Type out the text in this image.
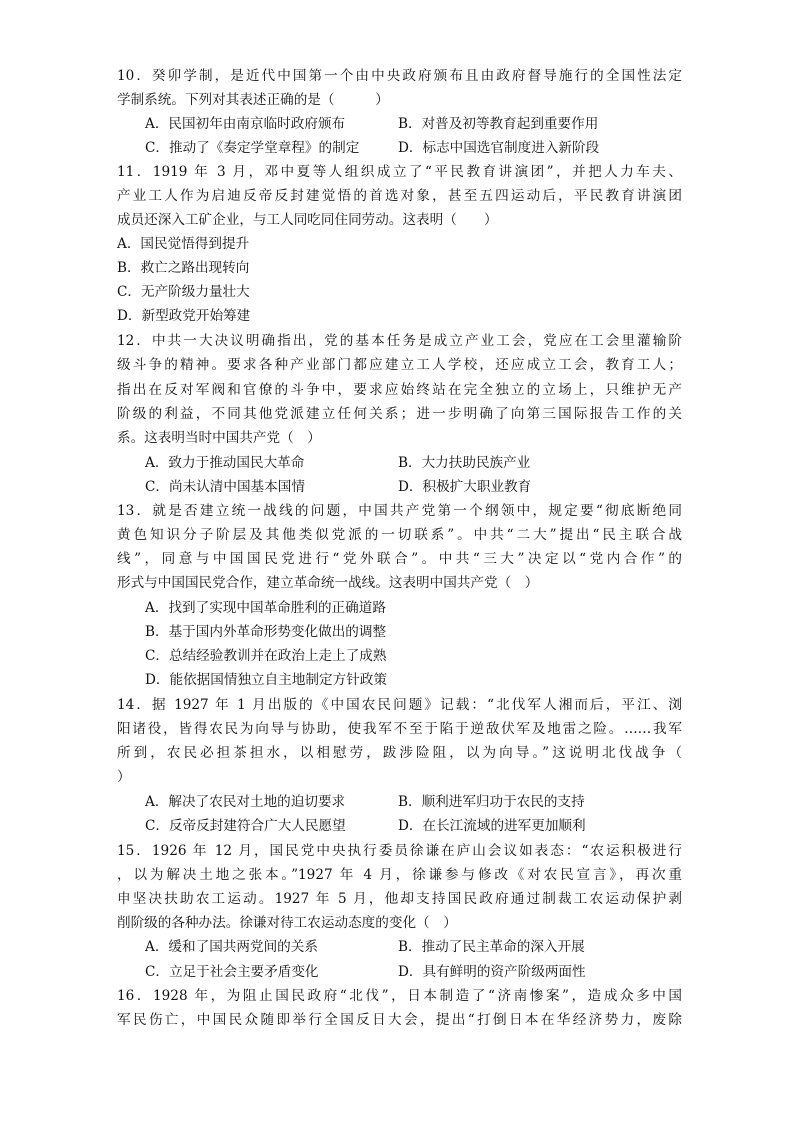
10．癸卯学制，是近代中国第一个由中央政府颁布且由政府督导施行的全国性法定
学制系统。下列对其表述正确的是（　　　）
A．民国初年由南京临时政府颁布	B．对普及初等教育起到重要作用
C．推动了《奏定学堂章程》的制定	D．标志中国选官制度进入新阶段
11．1919 年 3 月，邓中夏等人组织成立了“平民教育讲演团”，并把人力车夫、
产业工人作为启迪反帝反封建觉悟的首选对象，甚至五四运动后，平民教育讲演团
成员还深入工矿企业，与工人同吃同住同劳动。这表明（　　）
A．国民觉悟得到提升
B．救亡之路出现转向
C．无产阶级力量壮大
D．新型政党开始筹建
12．中共一大决议明确指出，党的基本任务是成立产业工会，党应在工会里灌输阶
级斗争的精神。要求各种产业部门都应建立工人学校，还应成立工会，教育工人；
指出在反对军阀和官僚的斗争中，要求应始终站在完全独立的立场上，只维护无产
阶级的利益，不同其他党派建立任何关系；进一步明确了向第三国际报告工作的关
系。这表明当时中国共产党（　）
A．致力于推动国民大革命	B．大力扶助民族产业
C．尚未认清中国基本国情	D．积极扩大职业教育
13．就是否建立统一战线的问题，中国共产党第一个纲领中，规定要“彻底断绝同
黄色知识分子阶层及其他类似党派的一切联系”。中共“二大”提出“民主联合战
线”，同意与中国国民党进行“党外联合”。中共“三大”决定以“党内合作”的
形式与中国国民党合作，建立革命统一战线。这表明中国共产党（　）
A．找到了实现中国革命胜利的正确道路
B．基于国内外革命形势变化做出的调整
C．总结经验教训并在政治上走上了成熟
D．能依据国情独立自主地制定方针政策
14．据 1927 年 1 月出版的《中国农民问题》记载：“北伐军人湘而后，平江、浏
阳诸役，皆得农民为向导与协助，使我军不至于陷于逆敌伏军及地雷之险。……我军
所到，农民必担茶担水，以相慰劳，跋涉险阻，以为向导。”这说明北伐战争（
）
A．解决了农民对土地的迫切要求	B．顺利进军归功于农民的支持
C．反帝反封建符合广大人民愿望	D．在长江流域的进军更加顺利
15．1926 年 12 月，国民党中央执行委员徐谦在庐山会议如表态：“农运积极进行
，以为解决土地之张本。”1927 年 4 月，徐谦参与修改《对农民宣言》，再次重
申坚决扶助农工运动。1927 年 5 月，他却支持国民政府通过制裁工农运动保护剥
削阶级的各种办法。徐谦对待工农运动态度的变化（　）
A．缓和了国共两党间的关系	B．推动了民主革命的深入开展
C．立足于社会主要矛盾变化	D．具有鲜明的资产阶级两面性
16．1928 年，为阻止国民政府“北伐”，日本制造了“济南惨案”，造成众多中国
军民伤亡，中国民众随即举行全国反日大会，提出“打倒日本在华经济势力，废除
